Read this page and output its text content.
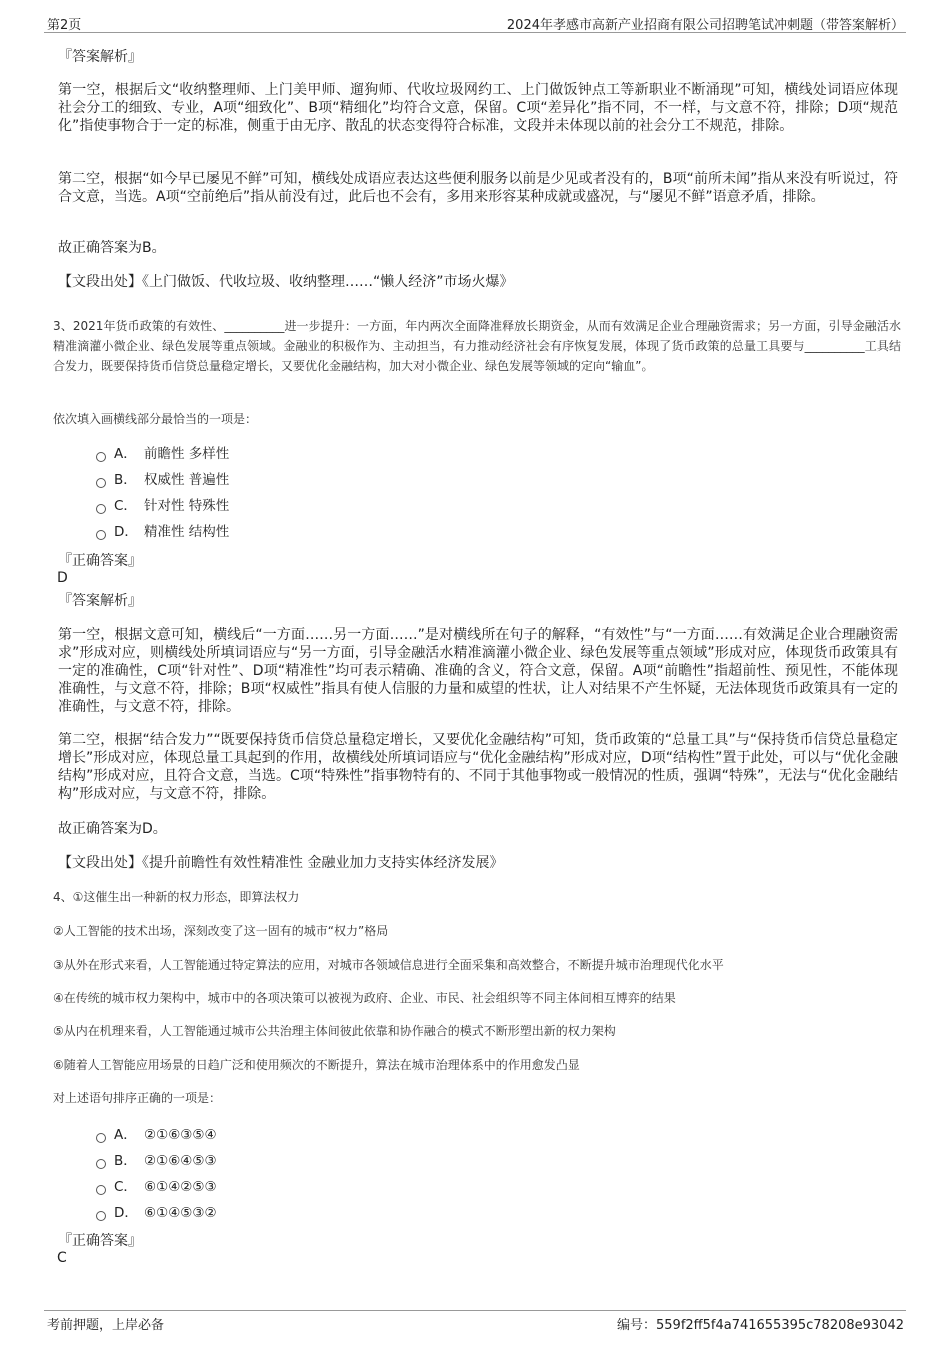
第2页	2024年孝感市高新产业招商有限公司招聘笔试冲刺题（带答案解析）
『答案解析』
第一空，根据后文“收纳整理师、上门美甲师、遛狗师、代收垃圾网约工、上门做饭钟点工等新职业不断涌现”可知，横线处词语应体现社会分工的细致、专业，A项“细致化”、B项“精细化”均符合文意，保留。C项“差异化”指不同，不一样，与文意不符，排除；D项“规范化”指使事物合于一定的标准，侧重于由无序、散乱的状态变得符合标准，文段并未体现以前的社会分工不规范，排除。
第二空，根据“如今早已屡见不鲜”可知，横线处成语应表达这些便利服务以前是少见或者没有的，B项“前所未闻”指从来没有听说过，符合文意，当选。A项“空前绝后”指从前没有过，此后也不会有，多用来形容某种成就或盛况，与“屡见不鲜”语意矛盾，排除。
故正确答案为B。
【文段出处】《上门做饭、代收垃圾、收纳整理……“懒人经济”市场火爆》
3、2021年货币政策的有效性、__________进一步提升：一方面，年内两次全面降准释放长期资金，从而有效满足企业合理融资需求；另一方面，引导金融活水精准滴灌小微企业、绿色发展等重点领域。金融业的积极作为、主动担当，有力推动经济社会有序恢复发展，体现了货币政策的总量工具要与__________工具结合发力，既要保持货币信贷总量稳定增长，又要优化金融结构，加大对小微企业、绿色发展等领域的定向“输血”。
依次填入画横线部分最恰当的一项是：
A． 前瞻性 多样性
B． 权威性 普遍性
C． 针对性 特殊性
D． 精准性 结构性
『正确答案』
D
『答案解析』
第一空，根据文意可知，横线后“一方面……另一方面……”是对横线所在句子的解释，“有效性”与“一方面……有效满足企业合理融资需求”形成对应，则横线处所填词语应与“另一方面，引导金融活水精准滴灌小微企业、绿色发展等重点领域”形成对应，体现货币政策具有一定的准确性，C项“针对性”、D项“精准性”均可表示精确、准确的含义，符合文意，保留。A项“前瞻性”指超前性、预见性，不能体现准确性，与文意不符，排除；B项“权威性”指具有使人信服的力量和威望的性状，让人对结果不产生怀疑，无法体现货币政策具有一定的准确性，与文意不符，排除。
第二空，根据“结合发力”“既要保持货币信贷总量稳定增长，又要优化金融结构”可知，货币政策的“总量工具”与“保持货币信贷总量稳定增长”形成对应，体现总量工具起到的作用，故横线处所填词语应与“优化金融结构”形成对应，D项“结构性”置于此处，可以与“优化金融结构”形成对应，且符合文意，当选。C项“特殊性”指事物特有的、不同于其他事物或一般情况的性质，强调“特殊”，无法与“优化金融结构”形成对应，与文意不符，排除。
故正确答案为D。
【文段出处】《提升前瞻性有效性精准性 金融业加力支持实体经济发展》
4、①这催生出一种新的权力形态，即算法权力
②人工智能的技术出场，深刻改变了这一固有的城市“权力”格局
③从外在形式来看，人工智能通过特定算法的应用，对城市各领域信息进行全面采集和高效整合，不断提升城市治理现代化水平
④在传统的城市权力架构中，城市中的各项决策可以被视为政府、企业、市民、社会组织等不同主体间相互博弈的结果
⑤从内在机理来看，人工智能通过城市公共治理主体间彼此依靠和协作融合的模式不断形塑出新的权力架构
⑥随着人工智能应用场景的日趋广泛和使用频次的不断提升，算法在城市治理体系中的作用愈发凸显
对上述语句排序正确的一项是：
A． ②①⑥③⑤④
B． ②①⑥④⑤③
C． ⑥①④②⑤③
D． ⑥①④⑤③②
『正确答案』
C
考前押题，上岸必备	编号：559f2ff5f4a741655395c78208e93042
